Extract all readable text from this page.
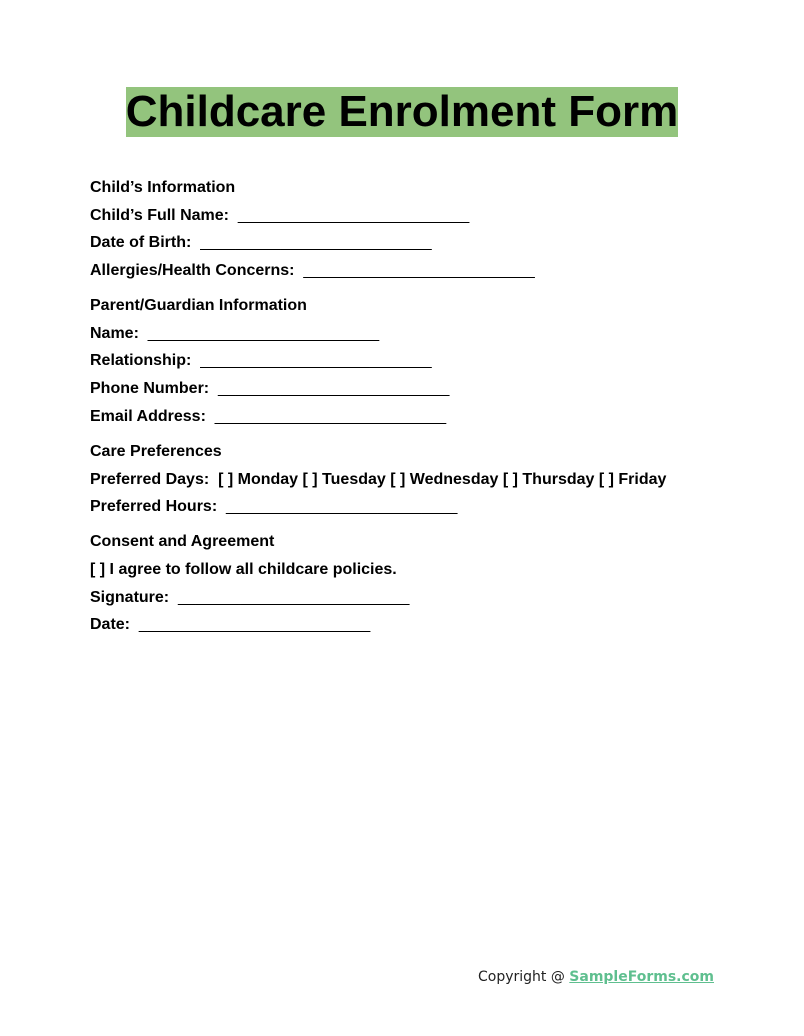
Childcare Enrolment Form
Child’s Information
Child’s Full Name:  __________________________
Date of Birth:  __________________________
Allergies/Health Concerns:  __________________________
Parent/Guardian Information
Name:  __________________________
Relationship:  __________________________
Phone Number:  __________________________
Email Address:  __________________________
Care Preferences
Preferred Days:  [ ] Monday [ ] Tuesday [ ] Wednesday [ ] Thursday [ ] Friday
Preferred Hours:  __________________________
Consent and Agreement
[ ] I agree to follow all childcare policies.
Signature:  __________________________
Date:  __________________________
Copyright @ SampleForms.com
